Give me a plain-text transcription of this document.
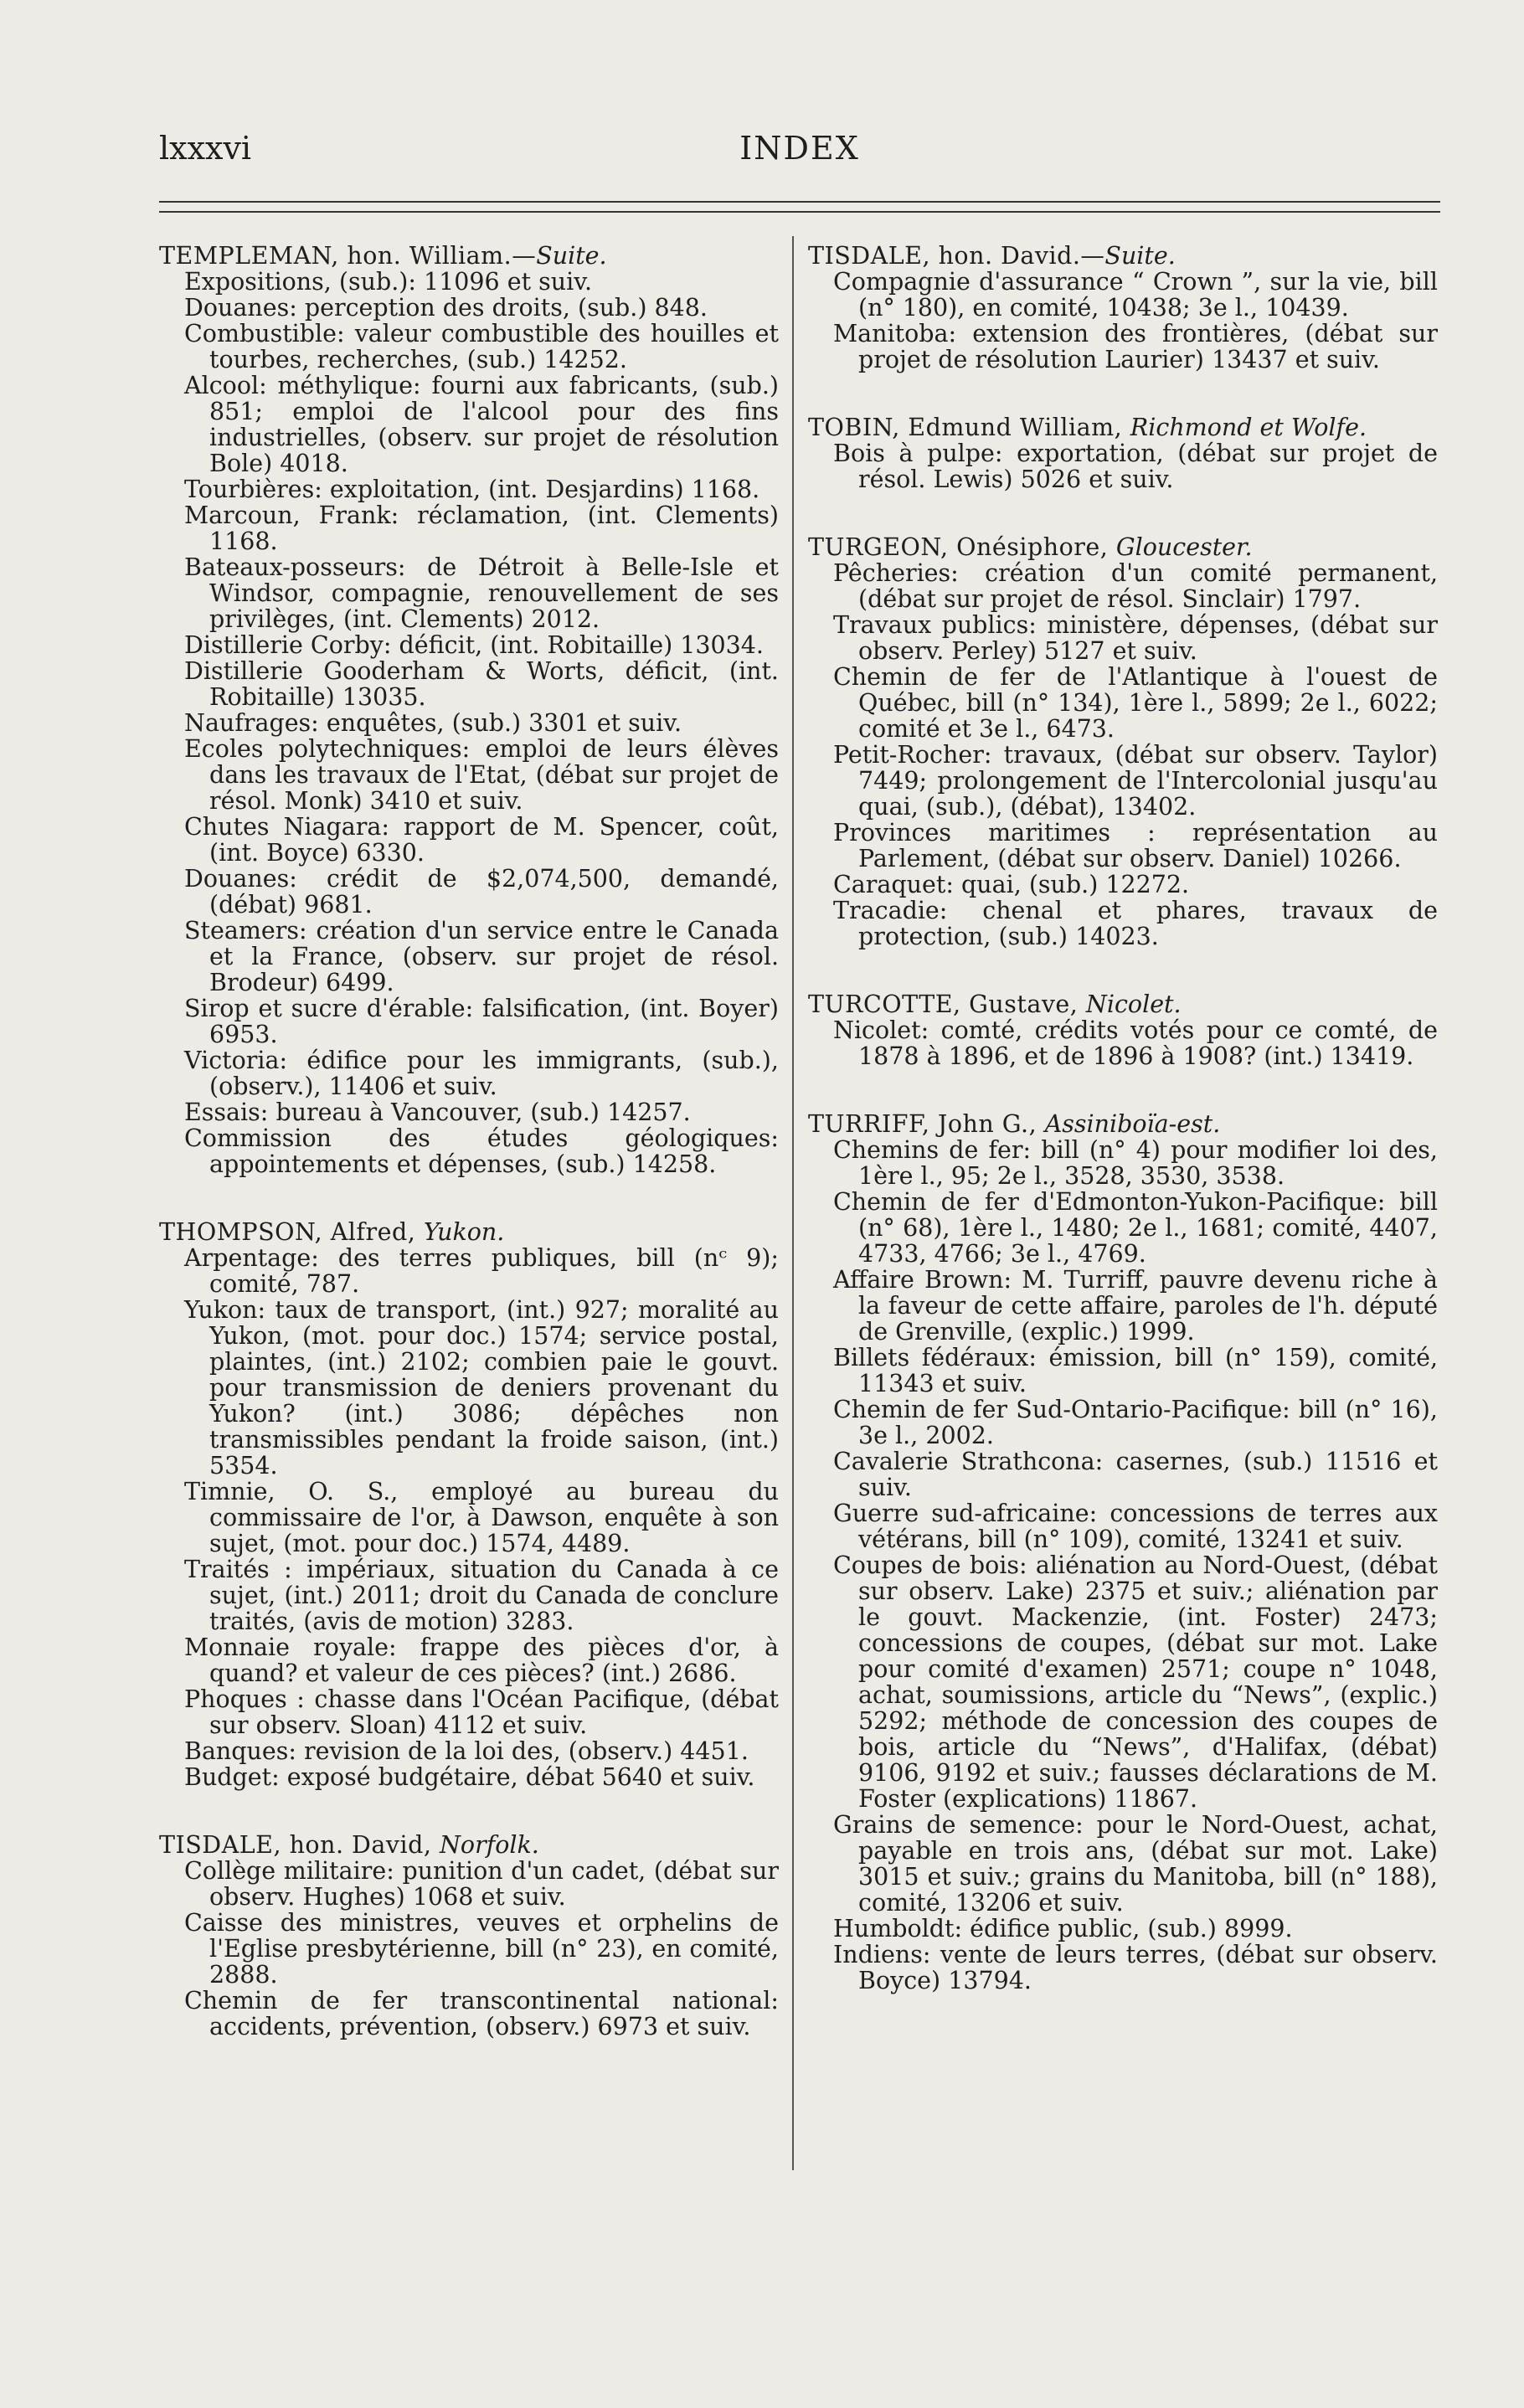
lxxxvi	INDEX

TEMPLEMAN, hon. William.—Suite.

Expositions, (sub.): 11096 et suiv.

Douanes: perception des droits, (sub.) 848.

Combustible: valeur combustible des houilles et tourbes, recherches, (sub.) 14252.

Alcool: méthylique: fourni aux fabricants, (sub.) 851; emploi de l'alcool pour des fins industrielles, (observ. sur projet de résolution Bole) 4018.

Tourbières: exploitation, (int. Desjardins) 1168.

Marcoun, Frank: réclamation, (int. Clements) 1168.

Bateaux-posseurs: de Détroit à Belle-Isle et Windsor, compagnie, renouvellement de ses privilèges, (int. Clements) 2012.

Distillerie Corby: déficit, (int. Robitaille) 13034.

Distillerie Gooderham & Worts, déficit, (int. Robitaille) 13035.

Naufrages: enquêtes, (sub.) 3301 et suiv.

Ecoles polytechniques: emploi de leurs élèves dans les travaux de l'Etat, (débat sur projet de résol. Monk) 3410 et suiv.

Chutes Niagara: rapport de M. Spencer, coût, (int. Boyce) 6330.

Douanes: crédit de $2,074,500, demandé, (débat) 9681.

Steamers: création d'un service entre le Canada et la France, (observ. sur projet de résol. Brodeur) 6499.

Sirop et sucre d'érable: falsification, (int. Boyer) 6953.

Victoria: édifice pour les immigrants, (sub.), (observ.), 11406 et suiv.

Essais: bureau à Vancouver, (sub.) 14257.

Commission des études géologiques: appointements et dépenses, (sub.) 14258.

THOMPSON, Alfred, Yukon.

Arpentage: des terres publiques, bill (nᶜ 9); comité, 787.

Yukon: taux de transport, (int.) 927; moralité au Yukon, (mot. pour doc.) 1574; service postal, plaintes, (int.) 2102; combien paie le gouvt. pour transmission de deniers provenant du Yukon? (int.) 3086; dépêches non transmissibles pendant la froide saison, (int.) 5354.

Timnie, O. S., employé au bureau du commissaire de l'or, à Dawson, enquête à son sujet, (mot. pour doc.) 1574, 4489.

Traités : impériaux, situation du Canada à ce sujet, (int.) 2011; droit du Canada de conclure traités, (avis de motion) 3283.

Monnaie royale: frappe des pièces d'or, à quand? et valeur de ces pièces? (int.) 2686.

Phoques : chasse dans l'Océan Pacifique, (débat sur observ. Sloan) 4112 et suiv.

Banques: revision de la loi des, (observ.) 4451.

Budget: exposé budgétaire, débat 5640 et suiv.

TISDALE, hon. David, Norfolk.

Collège militaire: punition d'un cadet, (débat sur observ. Hughes) 1068 et suiv.

Caisse des ministres, veuves et orphelins de l'Eglise presbytérienne, bill (n° 23), en comité, 2888.

Chemin de fer transcontinental national: accidents, prévention, (observ.) 6973 et suiv.

TISDALE, hon. David.—Suite.

Compagnie d'assurance “ Crown ”, sur la vie, bill (n° 180), en comité, 10438; 3e l., 10439.

Manitoba: extension des frontières, (débat sur projet de résolution Laurier) 13437 et suiv.

TOBIN, Edmund William, Richmond et Wolfe.

Bois à pulpe: exportation, (débat sur projet de résol. Lewis) 5026 et suiv.

TURGEON, Onésiphore, Gloucester.

Pêcheries: création d'un comité permanent, (débat sur projet de résol. Sinclair) 1797.

Travaux publics: ministère, dépenses, (débat sur observ. Perley) 5127 et suiv.

Chemin de fer de l'Atlantique à l'ouest de Québec, bill (n° 134), 1ère l., 5899; 2e l., 6022; comité et 3e l., 6473.

Petit-Rocher: travaux, (débat sur observ. Taylor) 7449; prolongement de l'Intercolonial jusqu'au quai, (sub.), (débat), 13402.

Provinces maritimes : représentation au Parlement, (débat sur observ. Daniel) 10266.

Caraquet: quai, (sub.) 12272.

Tracadie: chenal et phares, travaux de protection, (sub.) 14023.

TURCOTTE, Gustave, Nicolet.

Nicolet: comté, crédits votés pour ce comté, de 1878 à 1896, et de 1896 à 1908? (int.) 13419.

TURRIFF, John G., Assiniboïa-est.

Chemins de fer: bill (n° 4) pour modifier loi des, 1ère l., 95; 2e l., 3528, 3530, 3538.

Chemin de fer d'Edmonton-Yukon-Pacifique: bill (n° 68), 1ère l., 1480; 2e l., 1681; comité, 4407, 4733, 4766; 3e l., 4769.

Affaire Brown: M. Turriff, pauvre devenu riche à la faveur de cette affaire, paroles de l'h. député de Grenville, (explic.) 1999.

Billets fédéraux: émission, bill (n° 159), comité, 11343 et suiv.

Chemin de fer Sud-Ontario-Pacifique: bill (n° 16), 3e l., 2002.

Cavalerie Strathcona: casernes, (sub.) 11516 et suiv.

Guerre sud-africaine: concessions de terres aux vétérans, bill (n° 109), comité, 13241 et suiv.

Coupes de bois: aliénation au Nord-Ouest, (débat sur observ. Lake) 2375 et suiv.; aliénation par le gouvt. Mackenzie, (int. Foster) 2473; concessions de coupes, (débat sur mot. Lake pour comité d'examen) 2571; coupe n° 1048, achat, soumissions, article du “News”, (explic.) 5292; méthode de concession des coupes de bois, article du “News”, d'Halifax, (débat) 9106, 9192 et suiv.; fausses déclarations de M. Foster (explications) 11867.

Grains de semence: pour le Nord-Ouest, achat, payable en trois ans, (débat sur mot. Lake) 3015 et suiv.; grains du Manitoba, bill (n° 188), comité, 13206 et suiv.

Humboldt: édifice public, (sub.) 8999.

Indiens: vente de leurs terres, (débat sur observ. Boyce) 13794.
